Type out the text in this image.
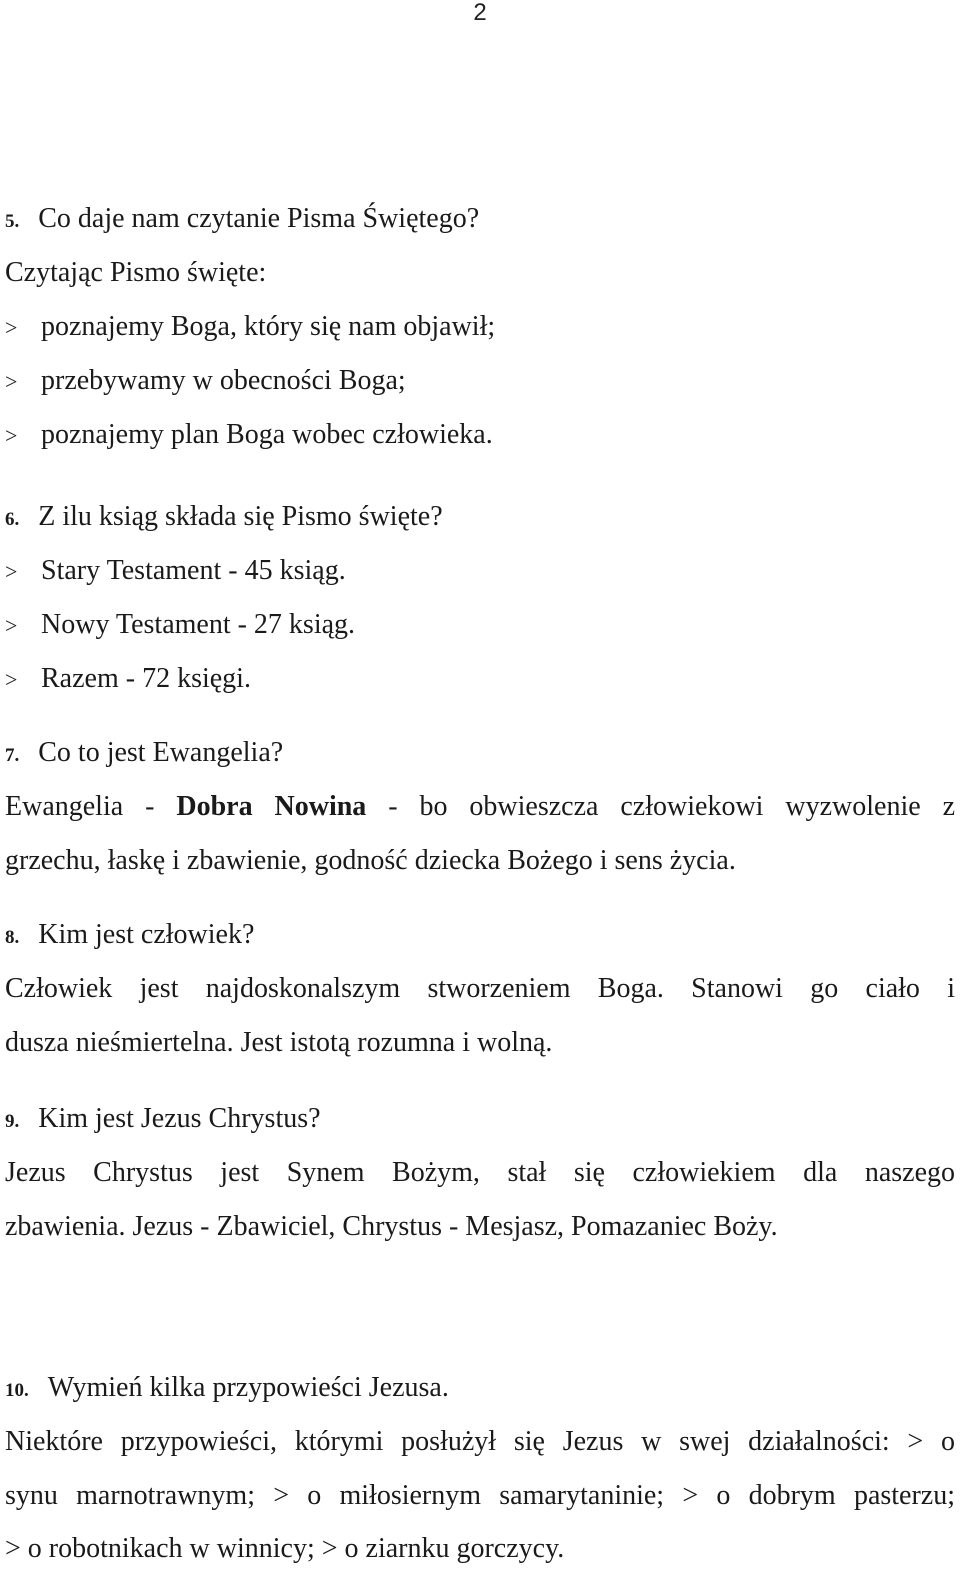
2
5. Co daje nam czytanie Pisma Świętego?
Czytając Pismo święte:
> poznajemy Boga, który się nam objawił;
> przebywamy w obecności Boga;
> poznajemy plan Boga wobec człowieka.
6. Z ilu ksiąg składa się Pismo święte?
> Stary Testament - 45 ksiąg.
> Nowy Testament - 27 ksiąg.
> Razem - 72 księgi.
7. Co to jest Ewangelia?
Ewangelia - Dobra Nowina - bo obwieszcza człowiekowi wyzwolenie z
grzechu, łaskę i zbawienie, godność dziecka Bożego i sens życia.
8. Kim jest człowiek?
Człowiek jest najdoskonalszym stworzeniem Boga. Stanowi go ciało i
dusza nieśmiertelna. Jest istotą rozumna i wolną.
9. Kim jest Jezus Chrystus?
Jezus Chrystus jest Synem Bożym, stał się człowiekiem dla naszego
zbawienia. Jezus - Zbawiciel, Chrystus - Mesjasz, Pomazaniec Boży.
10. Wymień kilka przypowieści Jezusa.
Niektóre przypowieści, którymi posłużył się Jezus w swej działalności: > o
synu marnotrawnym; > o miłosiernym samarytaninie; > o dobrym pasterzu;
> o robotnikach w winnicy; > o ziarnku gorczycy.
